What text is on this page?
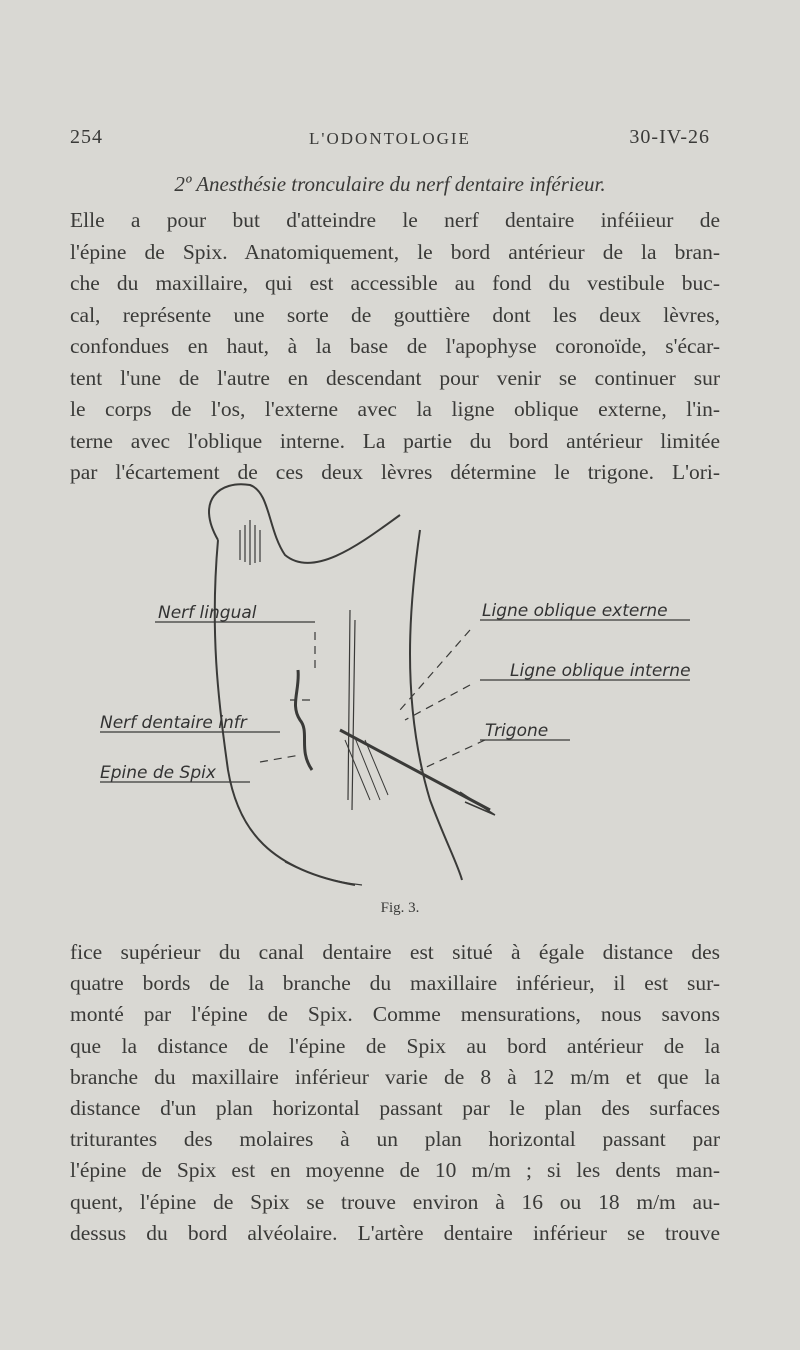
254	L'ODONTOLOGIE	30-IV-26
2º Anesthésie tronculaire du nerf dentaire inférieur.
Elle a pour but d'atteindre le nerf dentaire inféiieur de
l'épine de Spix. Anatomiquement, le bord antérieur de la bran-
che du maxillaire, qui est accessible au fond du vestibule buc-
cal, représente une sorte de gouttière dont les deux lèvres,
confondues en haut, à la base de l'apophyse coronoïde, s'écar-
tent l'une de l'autre en descendant pour venir se continuer sur
le corps de l'os, l'externe avec la ligne oblique externe, l'in-
terne avec l'oblique interne. La partie du bord antérieur limitée
par l'écartement de ces deux lèvres détermine le trigone. L'ori-
Nerf lingual
Nerf dentaire infr
Epine de Spix
Ligne oblique externe
Ligne oblique interne
Trigone
Fig. 3.
fice supérieur du canal dentaire est situé à égale distance des
quatre bords de la branche du maxillaire inférieur, il est sur-
monté par l'épine de Spix. Comme mensurations, nous savons
que la distance de l'épine de Spix au bord antérieur de la
branche du maxillaire inférieur varie de 8 à 12 m/m et que la
distance d'un plan horizontal passant par le plan des surfaces
triturantes des molaires à un plan horizontal passant par
l'épine de Spix est en moyenne de 10 m/m ; si les dents man-
quent, l'épine de Spix se trouve environ à 16 ou 18 m/m au-
dessus du bord alvéolaire. L'artère dentaire inférieur se trouve
